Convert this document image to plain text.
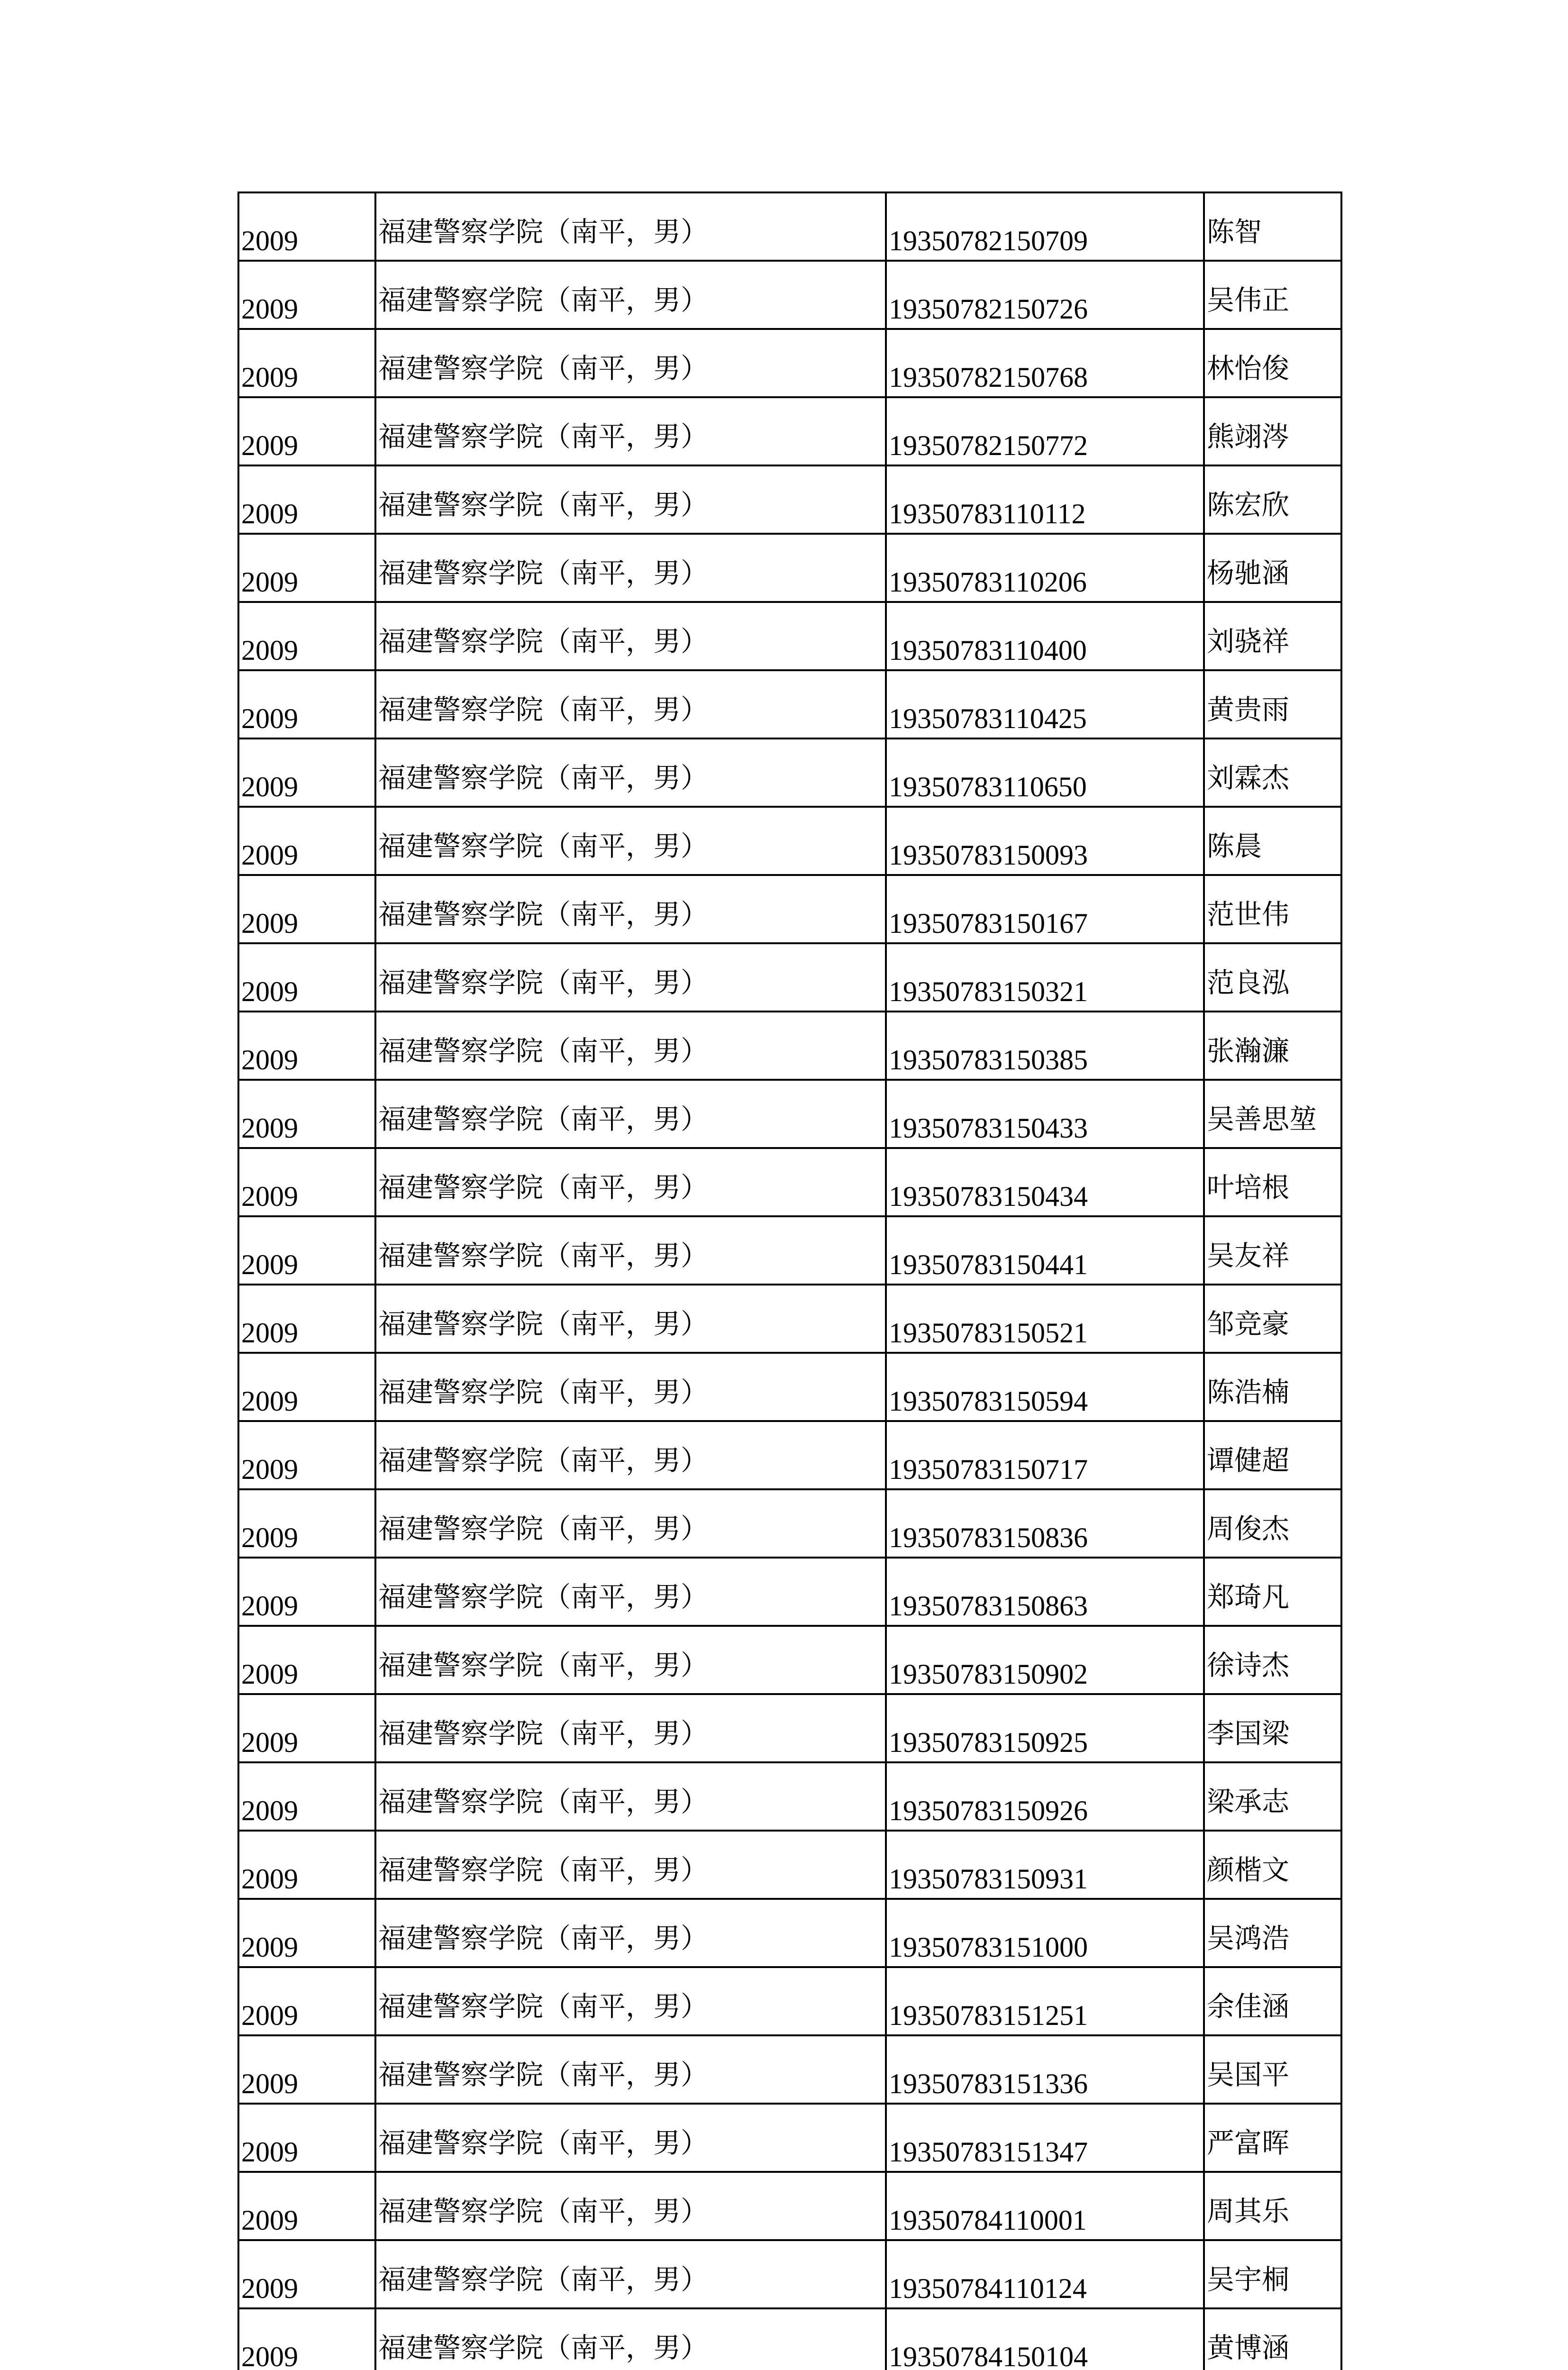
2009	福建警察学院（南平，男）	19350782150709	陈智
2009	福建警察学院（南平，男）	19350782150726	吴伟正
2009	福建警察学院（南平，男）	19350782150768	林怡俊
2009	福建警察学院（南平，男）	19350782150772	熊翊涔
2009	福建警察学院（南平，男）	19350783110112	陈宏欣
2009	福建警察学院（南平，男）	19350783110206	杨驰涵
2009	福建警察学院（南平，男）	19350783110400	刘骁祥
2009	福建警察学院（南平，男）	19350783110425	黄贵雨
2009	福建警察学院（南平，男）	19350783110650	刘霖杰
2009	福建警察学院（南平，男）	19350783150093	陈晨
2009	福建警察学院（南平，男）	19350783150167	范世伟
2009	福建警察学院（南平，男）	19350783150321	范良泓
2009	福建警察学院（南平，男）	19350783150385	张瀚濂
2009	福建警察学院（南平，男）	19350783150433	吴善思堃
2009	福建警察学院（南平，男）	19350783150434	叶培根
2009	福建警察学院（南平，男）	19350783150441	吴友祥
2009	福建警察学院（南平，男）	19350783150521	邹竞豪
2009	福建警察学院（南平，男）	19350783150594	陈浩楠
2009	福建警察学院（南平，男）	19350783150717	谭健超
2009	福建警察学院（南平，男）	19350783150836	周俊杰
2009	福建警察学院（南平，男）	19350783150863	郑琦凡
2009	福建警察学院（南平，男）	19350783150902	徐诗杰
2009	福建警察学院（南平，男）	19350783150925	李国梁
2009	福建警察学院（南平，男）	19350783150926	梁承志
2009	福建警察学院（南平，男）	19350783150931	颜楷文
2009	福建警察学院（南平，男）	19350783151000	吴鸿浩
2009	福建警察学院（南平，男）	19350783151251	余佳涵
2009	福建警察学院（南平，男）	19350783151336	吴国平
2009	福建警察学院（南平，男）	19350783151347	严富晖
2009	福建警察学院（南平，男）	19350784110001	周其乐
2009	福建警察学院（南平，男）	19350784110124	吴宇桐
2009	福建警察学院（南平，男）	19350784150104	黄博涵
